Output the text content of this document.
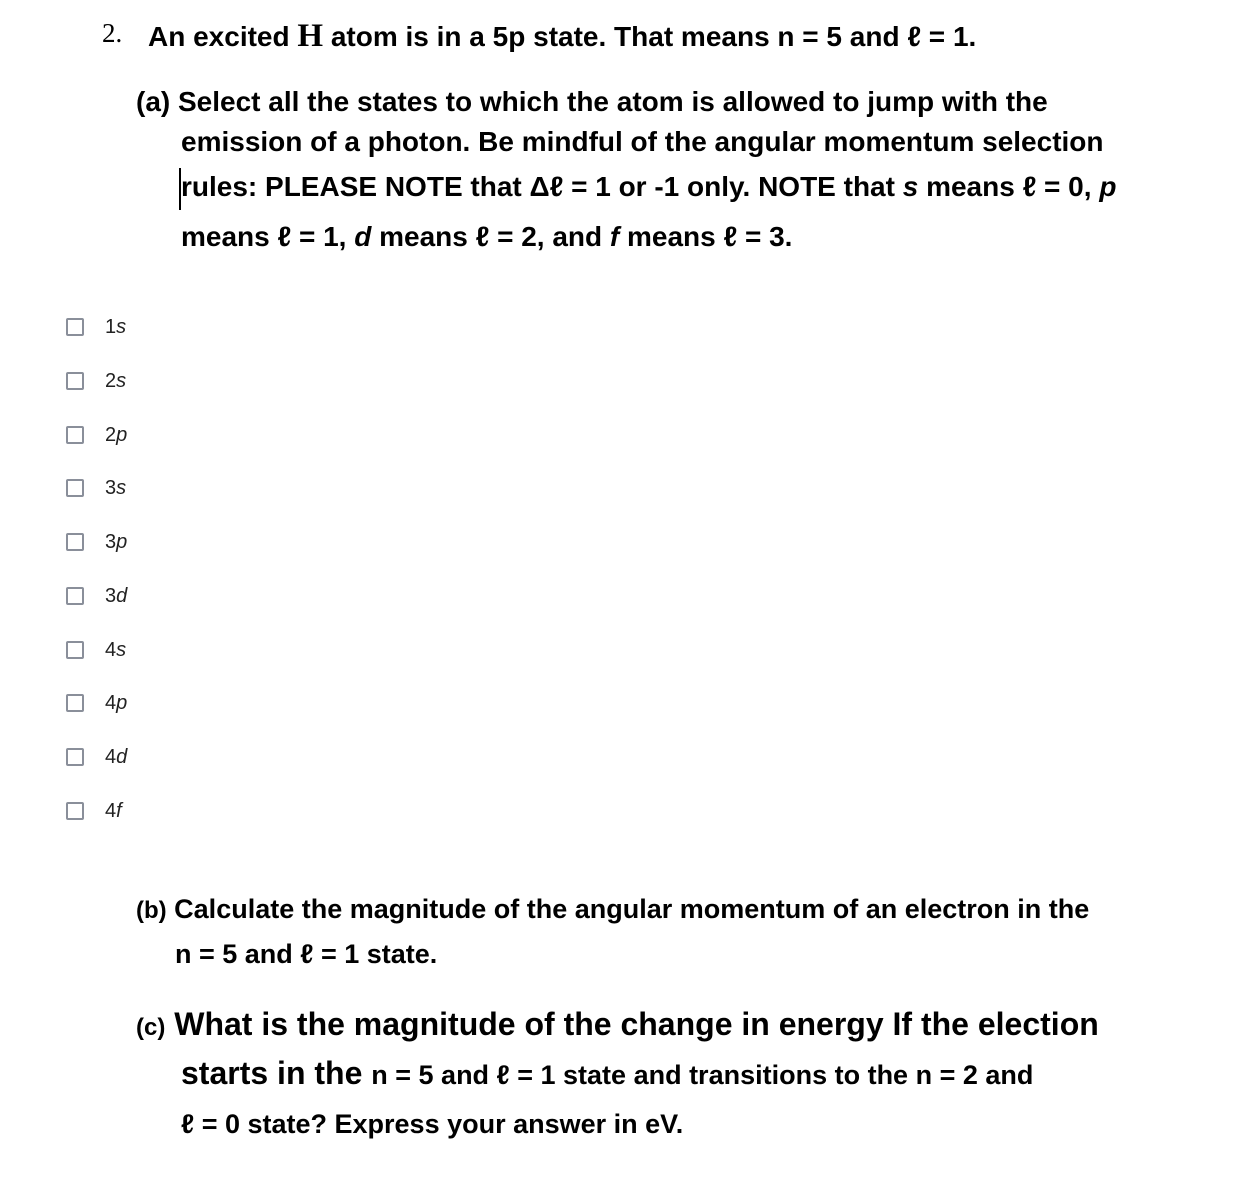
2. An excited H atom is in a 5p state. That means n = 5 and ℓ = 1.
(a) Select all the states to which the atom is allowed to jump with the
emission of a photon. Be mindful of the angular momentum selection
rules: PLEASE NOTE that Δℓ = 1 or -1 only. NOTE that s means ℓ = 0, p
means ℓ = 1, d means ℓ = 2, and f means ℓ = 3.
1s
2s
2p
3s
3p
3d
4s
4p
4d
4f
(b) Calculate the magnitude of the angular momentum of an electron in the
n = 5 and ℓ = 1 state.
(c) What is the magnitude of the change in energy If the election
starts in the n = 5 and ℓ = 1 state and transitions to the n = 2 and
ℓ = 0 state? Express your answer in eV.
